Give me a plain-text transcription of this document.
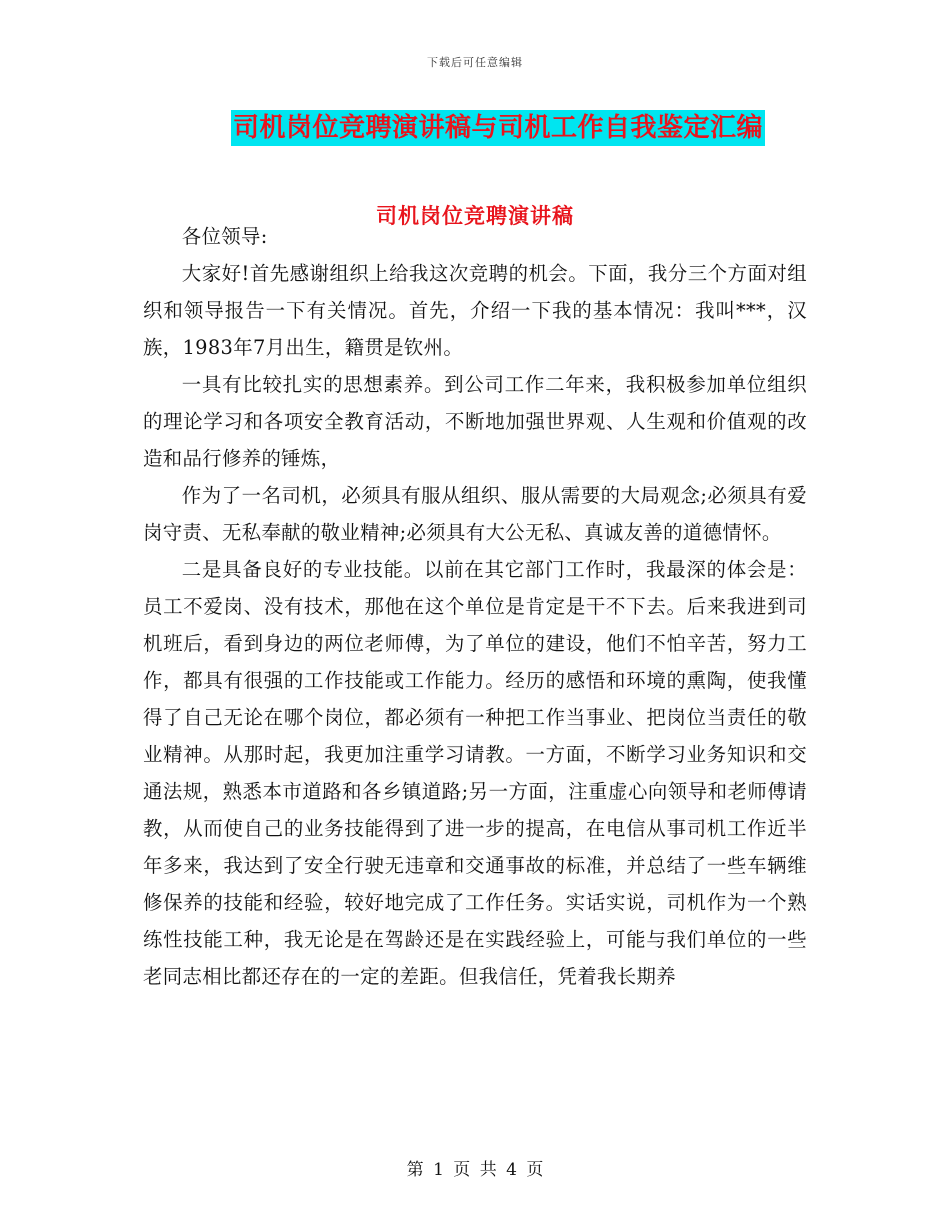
下载后可任意编辑
司机岗位竞聘演讲稿与司机工作自我鉴定汇编
司机岗位竞聘演讲稿

各位领导:

大家好!首先感谢组织上给我这次竞聘的机会。下面，我分三个方面对组织和领导报告一下有关情况。首先，介绍一下我的基本情况：我叫***，汉族，1983年7月出生，籍贯是钦州。

一具有比较扎实的思想素养。到公司工作二年来，我积极参加单位组织的理论学习和各项安全教育活动，不断地加强世界观、人生观和价值观的改造和品行修养的锤炼，

作为了一名司机，必须具有服从组织、服从需要的大局观念;必须具有爱岗守责、无私奉献的敬业精神;必须具有大公无私、真诚友善的道德情怀。

二是具备良好的专业技能。以前在其它部门工作时，我最深的体会是：员工不爱岗、没有技术，那他在这个单位是肯定是干不下去。后来我进到司机班后，看到身边的两位老师傅，为了单位的建设，他们不怕辛苦，努力工作，都具有很强的工作技能或工作能力。经历的感悟和环境的熏陶，使我懂得了自己无论在哪个岗位，都必须有一种把工作当事业、把岗位当责任的敬业精神。从那时起，我更加注重学习请教。一方面，不断学习业务知识和交通法规，熟悉本市道路和各乡镇道路;另一方面，注重虚心向领导和老师傅请教，从而使自己的业务技能得到了进一步的提高，在电信从事司机工作近半年多来，我达到了安全行驶无违章和交通事故的标准，并总结了一些车辆维修保养的技能和经验，较好地完成了工作任务。实话实说，司机作为一个熟练性技能工种，我无论是在驾龄还是在实践经验上，可能与我们单位的一些老同志相比都还存在的一定的差距。但我信任，凭着我长期养

第 1 页 共 4 页
